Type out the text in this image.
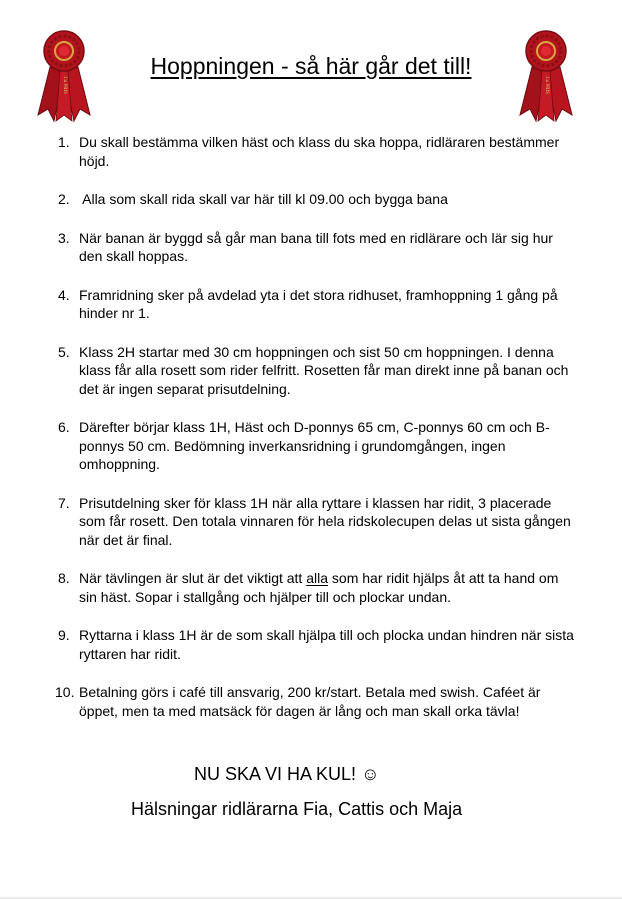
1:a PRIS
Hoppningen - så här går det till!
1:a PRIS
1. Du skall bestämma vilken häst och klass du ska hoppa, ridläraren bestämmer höjd.
2. Alla som skall rida skall var här till kl 09.00 och bygga bana
3. När banan är byggd så går man bana till fots med en ridlärare och lär sig hur den skall hoppas.
4. Framridning sker på avdelad yta i det stora ridhuset, framhoppning 1 gång på hinder nr 1.
5. Klass 2H startar med 30 cm hoppningen och sist 50 cm hoppningen. I denna klass får alla rosett som rider felfritt. Rosetten får man direkt inne på banan och det är ingen separat prisutdelning.
6. Därefter börjar klass 1H, Häst och D-ponnys 65 cm, C-ponnys 60 cm och B-ponnys 50 cm. Bedömning inverkansridning i grundomgången, ingen omhoppning.
7. Prisutdelning sker för klass 1H när alla ryttare i klassen har ridit, 3 placerade som får rosett. Den totala vinnaren för hela ridskolecupen delas ut sista gången när det är final.
8. När tävlingen är slut är det viktigt att alla som har ridit hjälps åt att ta hand om sin häst. Sopar i stallgång och hjälper till och plockar undan.
9. Ryttarna i klass 1H är de som skall hjälpa till och plocka undan hindren när sista ryttaren har ridit.
10. Betalning görs i café till ansvarig, 200 kr/start. Betala med swish. Caféet är öppet, men ta med matsäck för dagen är lång och man skall orka tävla!
NU SKA VI HA KUL! ☺
Hälsningar ridlärarna Fia, Cattis och Maja
